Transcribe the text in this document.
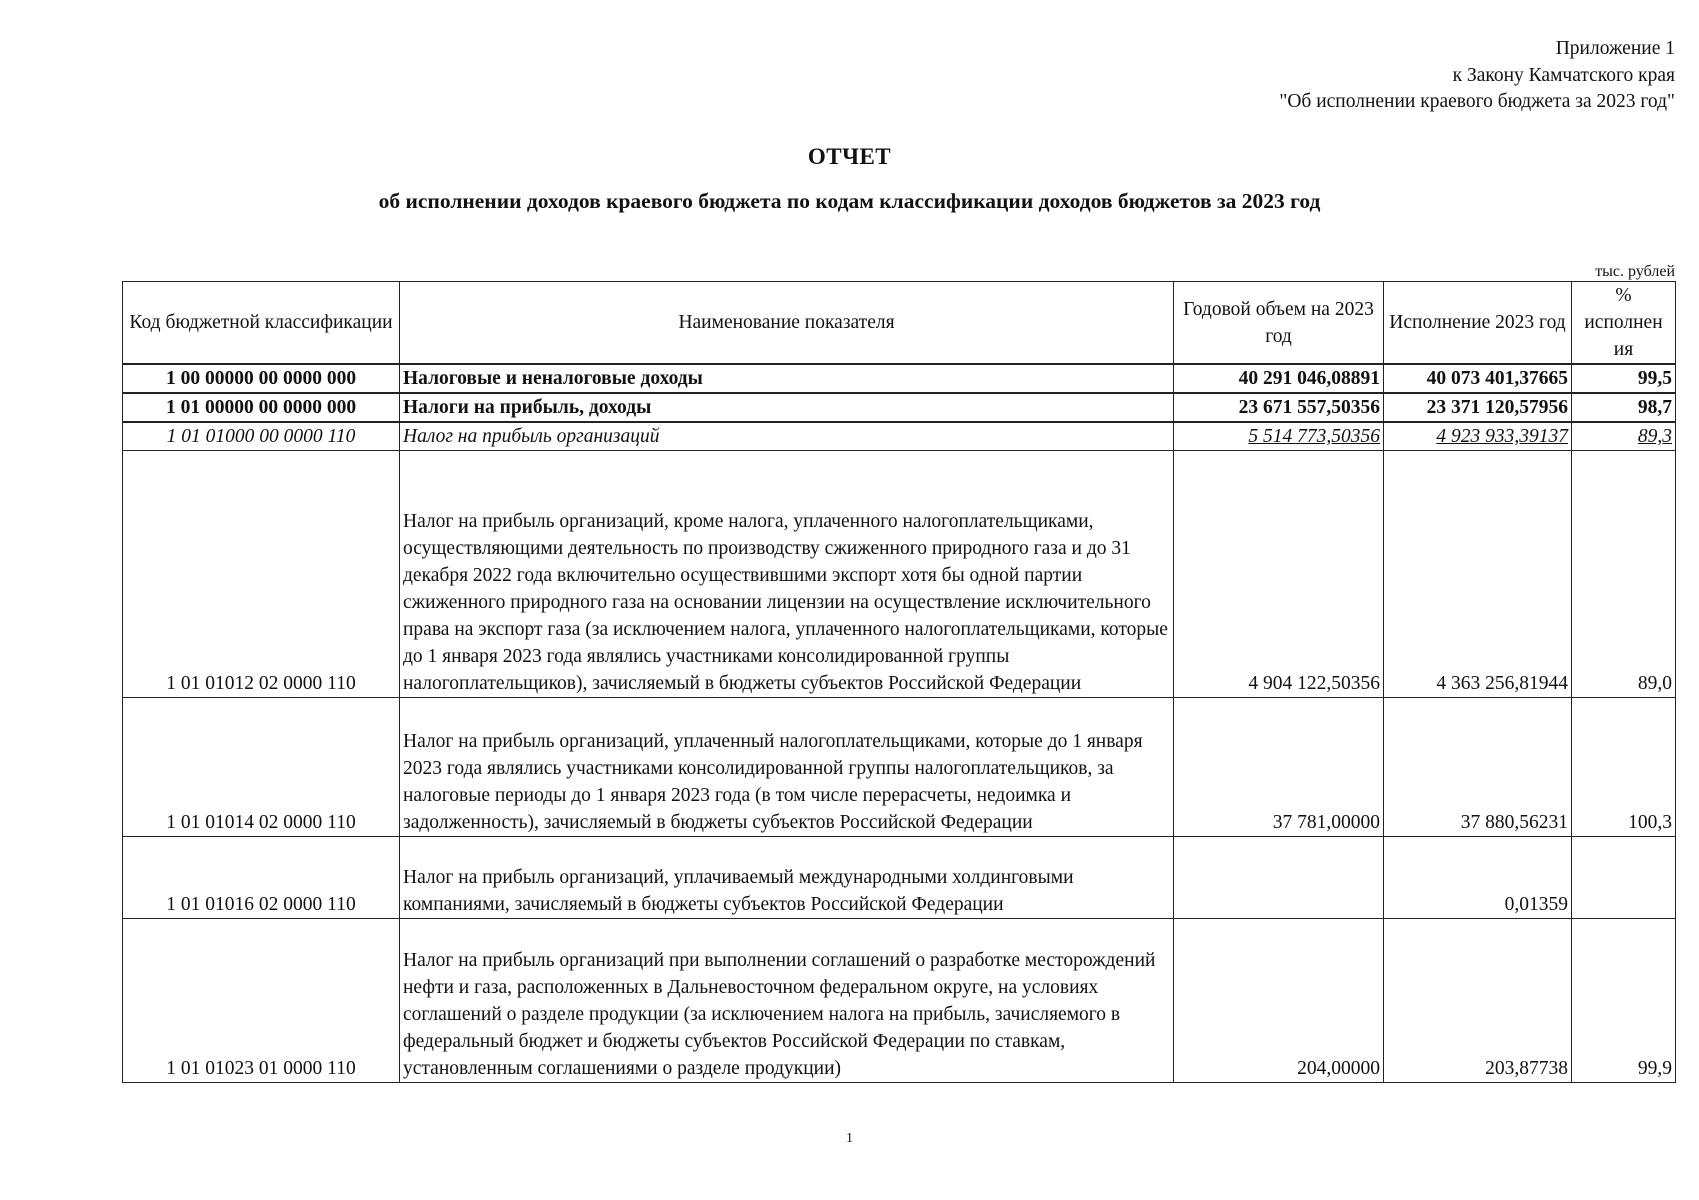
Приложение 1
к Закону Камчатского края
"Об исполнении краевого бюджета за 2023 год"
ОТЧЕТ
об исполнении доходов краевого бюджета по кодам классификации доходов бюджетов за 2023 год
тыс. рублей
Код бюджетной классификации	Наименование показателя	Годовой объем на 2023 год	Исполнение 2023 год	% исполнен ия
1 00 00000 00 0000 000	Налоговые и неналоговые доходы	40 291 046,08891	40 073 401,37665	99,5
1 01 00000 00 0000 000	Налоги на прибыль, доходы	23 671 557,50356	23 371 120,57956	98,7
1 01 01000 00 0000 110	Налог на прибыль организаций	5 514 773,50356	4 923 933,39137	89,3
1 01 01012 02 0000 110	Налог на прибыль организаций, кроме налога, уплаченного налогоплательщиками, осуществляющими деятельность по производству сжиженного природного газа и до 31 декабря 2022 года включительно осуществившими экспорт хотя бы одной партии сжиженного природного газа на основании лицензии на осуществление исключительного права на экспорт газа (за исключением налога, уплаченного налогоплательщиками, которые до 1 января 2023 года являлись участниками консолидированной группы налогоплательщиков), зачисляемый в бюджеты субъектов Российской Федерации	4 904 122,50356	4 363 256,81944	89,0
1 01 01014 02 0000 110	Налог на прибыль организаций, уплаченный налогоплательщиками, которые до 1 января 2023 года являлись участниками консолидированной группы налогоплательщиков, за налоговые периоды до 1 января 2023 года (в том числе перерасчеты, недоимка и задолженность), зачисляемый в бюджеты субъектов Российской Федерации	37 781,00000	37 880,56231	100,3
1 01 01016 02 0000 110	Налог на прибыль организаций, уплачиваемый международными холдинговыми компаниями, зачисляемый в бюджеты субъектов Российской Федерации		0,01359	
1 01 01023 01 0000 110	Налог на прибыль организаций при выполнении соглашений о разработке месторождений нефти и газа, расположенных в Дальневосточном федеральном округе, на условиях соглашений о разделе продукции (за исключением налога на прибыль, зачисляемого в федеральный бюджет и бюджеты субъектов Российской Федерации по ставкам, установленным соглашениями о разделе продукции)	204,00000	203,87738	99,9
1
